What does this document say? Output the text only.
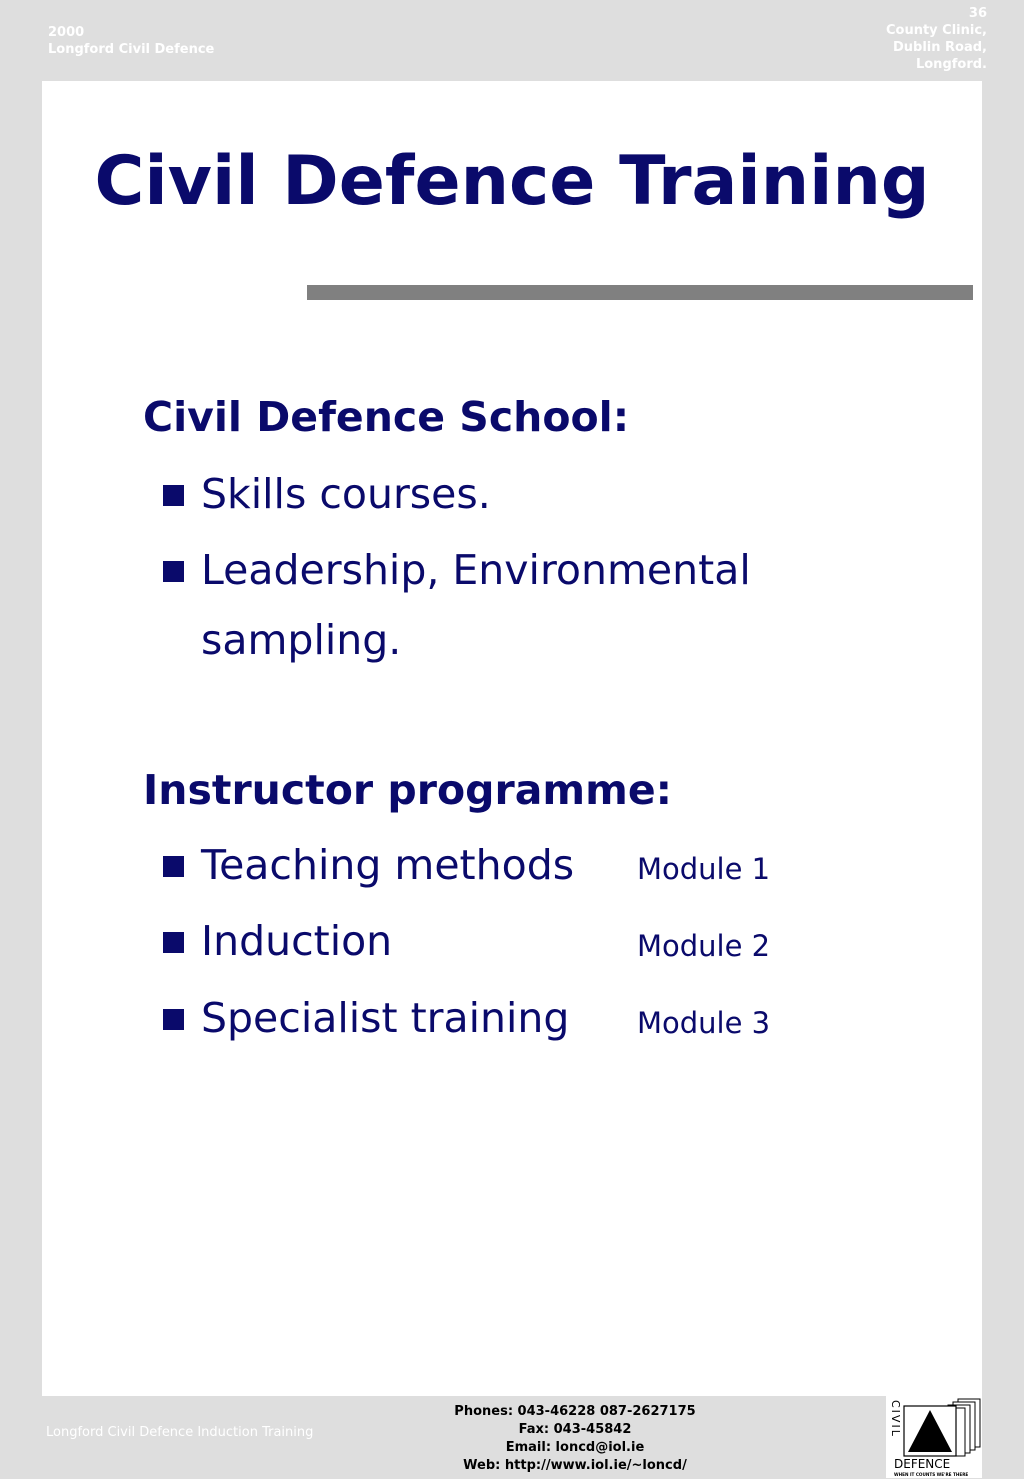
2000
Longford Civil Defence
36
County Clinic,
Dublin Road,
Longford.
Civil Defence Training
Civil Defence School:
Skills courses.
Leadership, Environmental
sampling.
Instructor programme:
Teaching methods Module 1
Induction	Module 2
Specialist training Module 3
Longford Civil Defence Induction Training
Phones: 043-46228 087-2627175
Fax: 043-45842
Email: loncd@iol.ie
Web: http://www.iol.ie/~loncd/
CIVIL
DEFENCE
WHEN IT COUNTS WE'RE THERE
